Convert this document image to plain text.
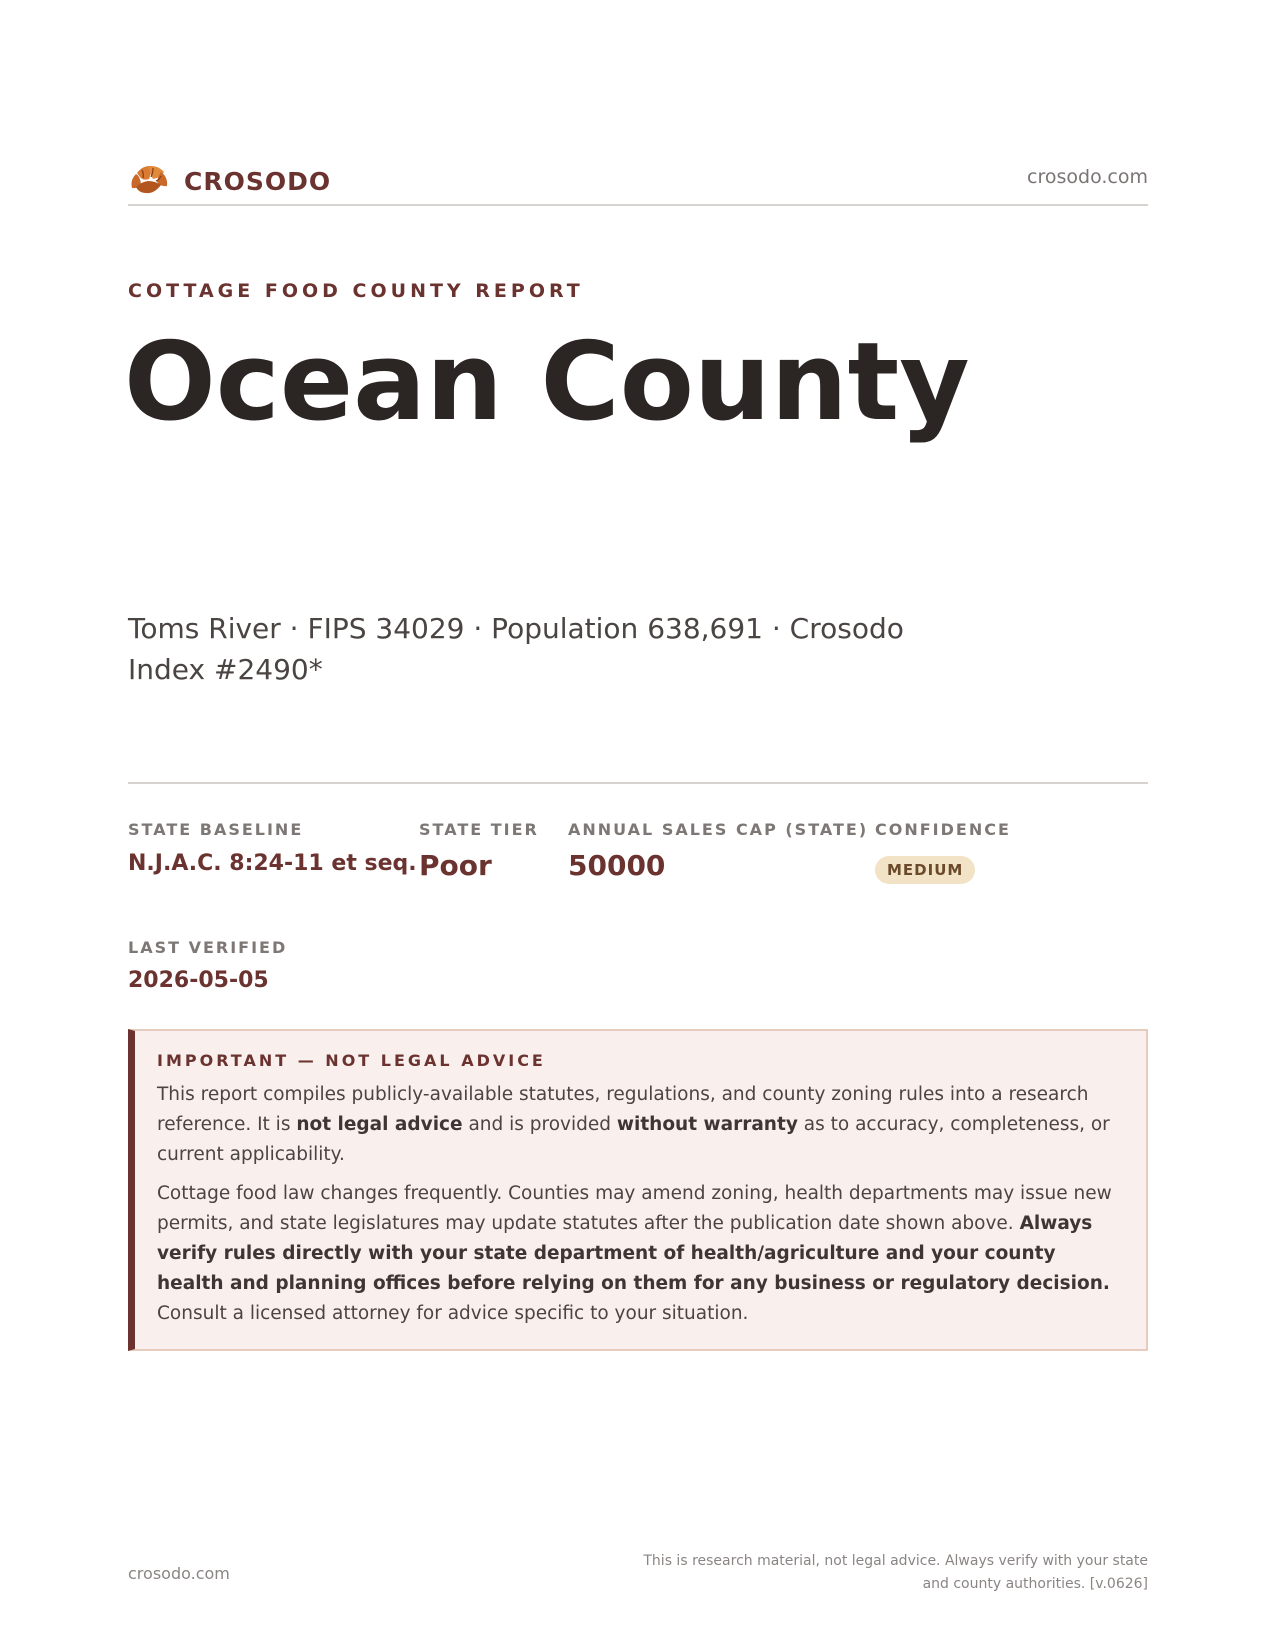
CROSODO	crosodo.com
COTTAGE FOOD COUNTY REPORT
Ocean County
Toms River · FIPS 34029 · Population 638,691 · Crosodo Index #2490*
STATE BASELINE
N.J.A.C. 8:24-11 et seq.
STATE TIER
Poor
ANNUAL SALES CAP (STATE)
50000
CONFIDENCE
MEDIUM
LAST VERIFIED
2026-05-05
IMPORTANT — NOT LEGAL ADVICE

This report compiles publicly-available statutes, regulations, and county zoning rules into a research reference. It is not legal advice and is provided without warranty as to accuracy, completeness, or current applicability.

Cottage food law changes frequently. Counties may amend zoning, health departments may issue new permits, and state legislatures may update statutes after the publication date shown above. Always verify rules directly with your state department of health/agriculture and your county health and planning offices before relying on them for any business or regulatory decision. Consult a licensed attorney for advice specific to your situation.

crosodo.com
This is research material, not legal advice. Always verify with your state and county authorities. [v.0626]
